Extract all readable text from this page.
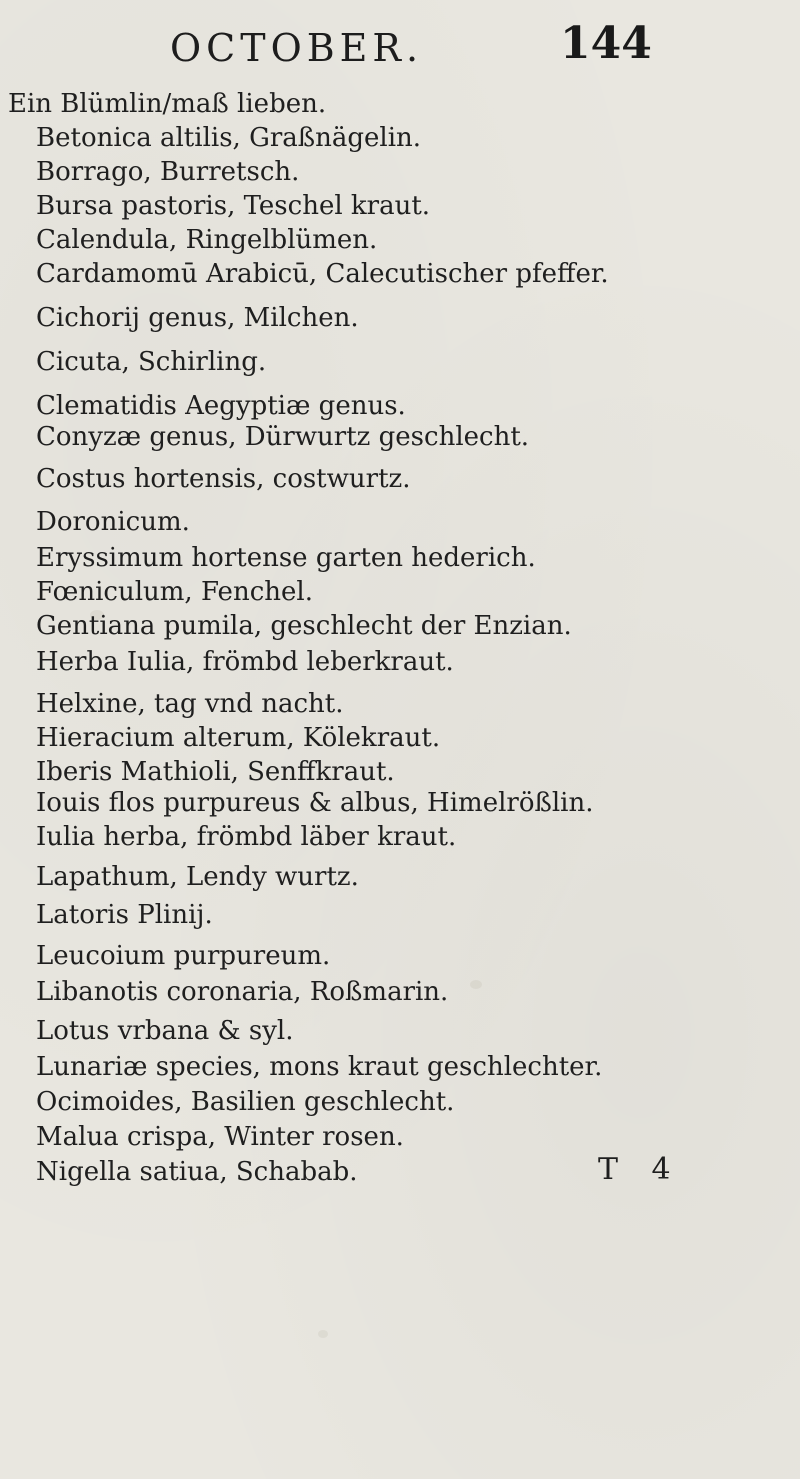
OCTOBER.	144
Ein Blümlin/maß lieben.
Betonica altilis, Graßnägelin.
Borrago, Burretsch.
Bursa pastoris, Teschel kraut.
Calendula, Ringelblümen.
Cardamomū Arabicū, Calecutischer pfeffer.
Cichorij genus, Milchen.
Cicuta, Schirling.
Clematidis Aegyptiæ genus.
Conyzæ genus, Dürwurtz geschlecht.
Costus hortensis, costwurtz.
Doronicum.
Eryssimum hortense garten hederich.
Fœniculum, Fenchel.
Gentiana pumila, geschlecht der Enzian.
Herba Iulia, frömbd leberkraut.
Helxine, tag vnd nacht.
Hieracium alterum, Kölekraut.
Iberis Mathioli, Senffkraut.
Iouis flos purpureus & albus, Himelrößlin.
Iulia herba, frömbd läber kraut.
Lapathum, Lendy wurtz.
Latoris Plinij.
Leucoium purpureum.
Libanotis coronaria, Roßmarin.
Lotus vrbana & syl.
Lunariæ species, mons kraut geschlechter.
Ocimoides, Basilien geschlecht.
Malua crispa, Winter rosen.
Nigella satiua, Schabab.	T 4
